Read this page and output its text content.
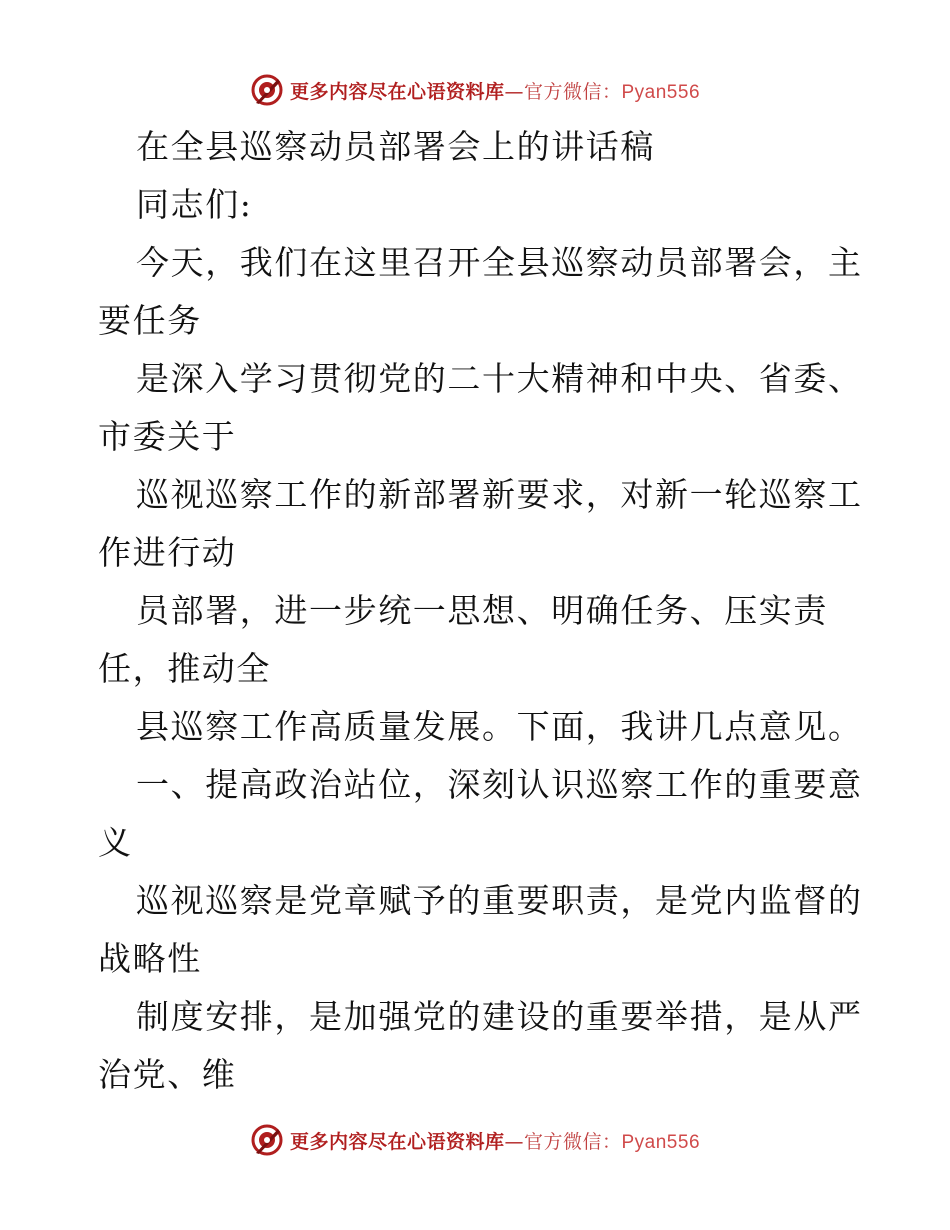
更多内容尽在心语资料库—官方微信：Pyan556
在全县巡察动员部署会上的讲话稿
同志们:
今天，我们在这里召开全县巡察动员部署会，主
要任务
是深入学习贯彻党的二十大精神和中央、省委、
市委关于
巡视巡察工作的新部署新要求，对新一轮巡察工
作进行动
员部署，进一步统一思想、明确任务、压实责
任，推动全
县巡察工作高质量发展。下面，我讲几点意见。
一、提高政治站位，深刻认识巡察工作的重要意
义
巡视巡察是党章赋予的重要职责，是党内监督的
战略性
制度安排，是加强党的建设的重要举措，是从严
治党、维
更多内容尽在心语资料库—官方微信：Pyan556
